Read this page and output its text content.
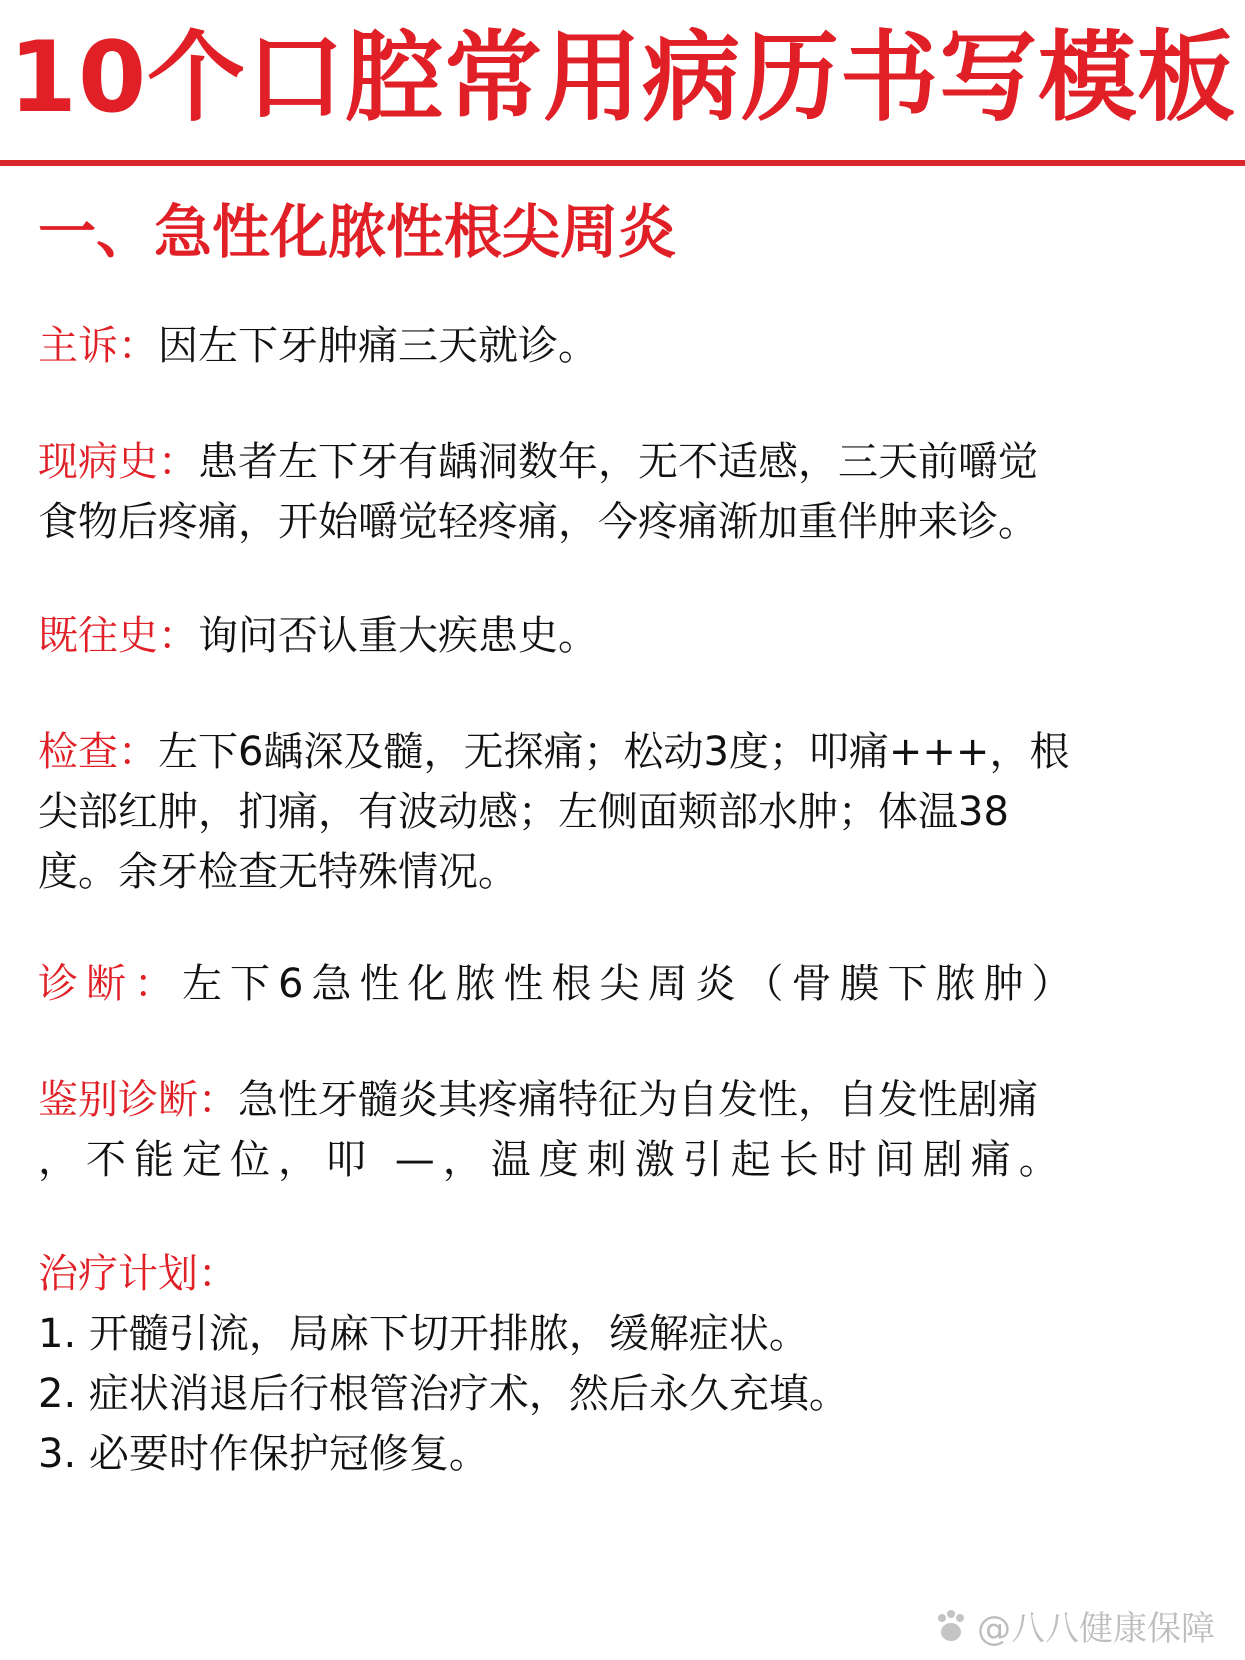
10个口腔常用病历书写模板
一、急性化脓性根尖周炎
主诉：因左下牙肿痛三天就诊。
现病史：患者左下牙有龋洞数年，无不适感，三天前嚼觉
食物后疼痛，开始嚼觉轻疼痛，今疼痛渐加重伴肿来诊。
既往史：询问否认重大疾患史。
检查：左下6龋深及髓，无探痛；松动3度；叩痛+++，根
尖部红肿，扪痛，有波动感；左侧面颊部水肿；体温38
度。余牙检查无特殊情况。
诊断：左下6急性化脓性根尖周炎（骨膜下脓肿）
鉴别诊断：急性牙髓炎其疼痛特征为自发性，自发性剧痛
，不能定位，叩 —，温度刺激引起长时间剧痛。
治疗计划：
1. 开髓引流，局麻下切开排脓，缓解症状。
2. 症状消退后行根管治疗术，然后永久充填。
3. 必要时作保护冠修复。
@八八健康保障
